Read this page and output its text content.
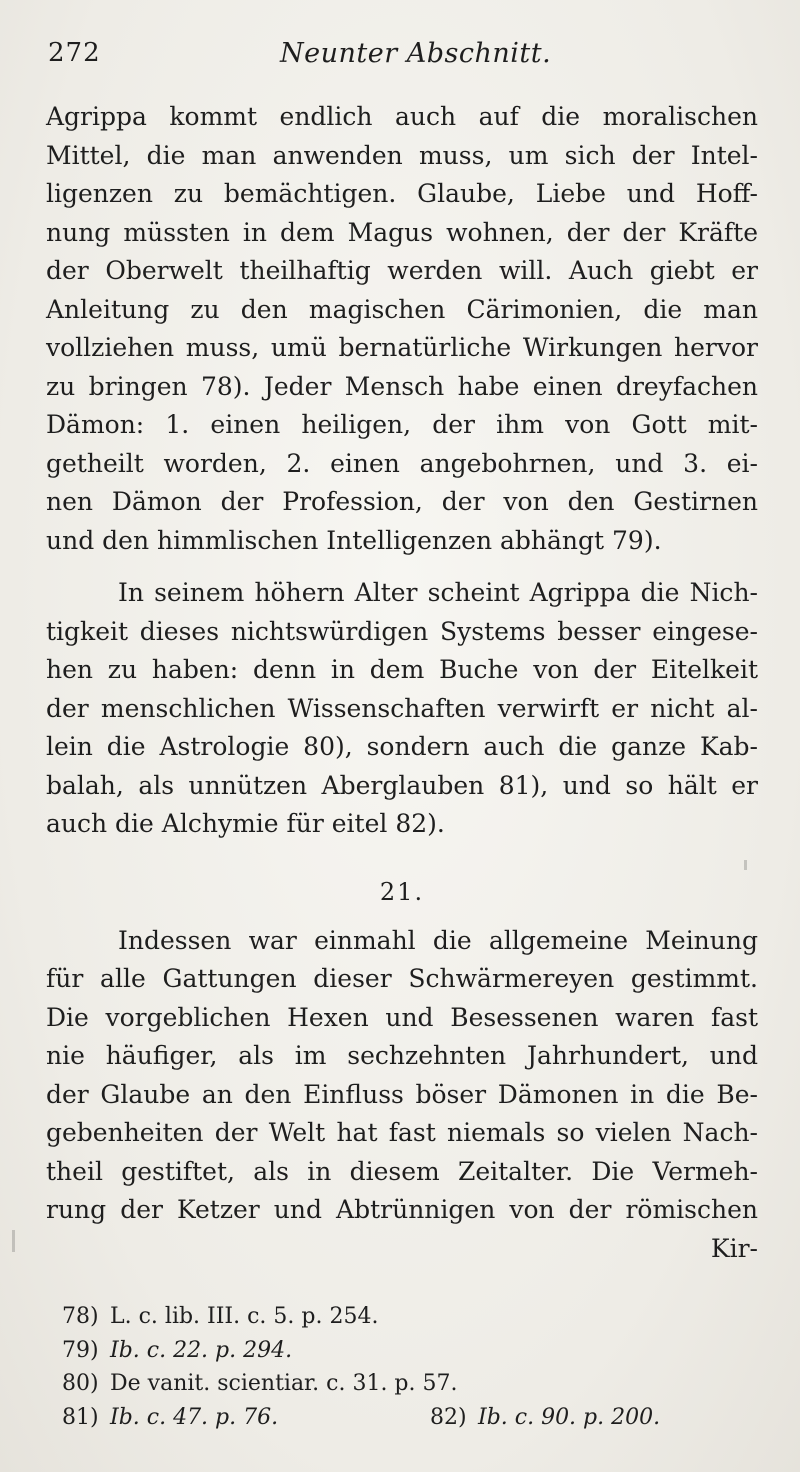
272	Neunter Abschnitt.
Agrippa kommt endlich auch auf die moralischen
Mittel, die man anwenden muss, um sich der Intel-
ligenzen zu bemächtigen. Glaube, Liebe und Hoff-
nung müssten in dem Magus wohnen, der der Kräfte
der Oberwelt theilhaftig werden will. Auch giebt er
Anleitung zu den magischen Cärimonien, die man
vollziehen muss, umü bernatürliche Wirkungen hervor
zu bringen 78). Jeder Mensch habe einen dreyfachen
Dämon: 1. einen heiligen, der ihm von Gott mit-
getheilt worden, 2. einen angebohrnen, und 3. ei-
nen Dämon der Profession, der von den Gestirnen
und den himmlischen Intelligenzen abhängt 79).
In seinem höhern Alter scheint Agrippa die Nich-
tigkeit dieses nichtswürdigen Systems besser eingese-
hen zu haben: denn in dem Buche von der Eitelkeit
der menschlichen Wissenschaften verwirft er nicht al-
lein die Astrologie 80), sondern auch die ganze Kab-
balah, als unnützen Aberglauben 81), und so hält er
auch die Alchymie für eitel 82).
21.
Indessen war einmahl die allgemeine Meinung
für alle Gattungen dieser Schwärmereyen gestimmt.
Die vorgeblichen Hexen und Besessenen waren fast
nie häufiger, als im sechzehnten Jahrhundert, und
der Glaube an den Einfluss böser Dämonen in die Be-
gebenheiten der Welt hat fast niemals so vielen Nach-
theil gestiftet, als in diesem Zeitalter. Die Vermeh-
rung der Ketzer und Abtrünnigen von der römischen
Kir-
78) L. c. lib. III. c. 5. p. 254.
79) Ib. c. 22. p. 294.
80) De vanit. scientiar. c. 31. p. 57.
81) Ib. c. 47. p. 76.	82) Ib. c. 90. p. 200.
